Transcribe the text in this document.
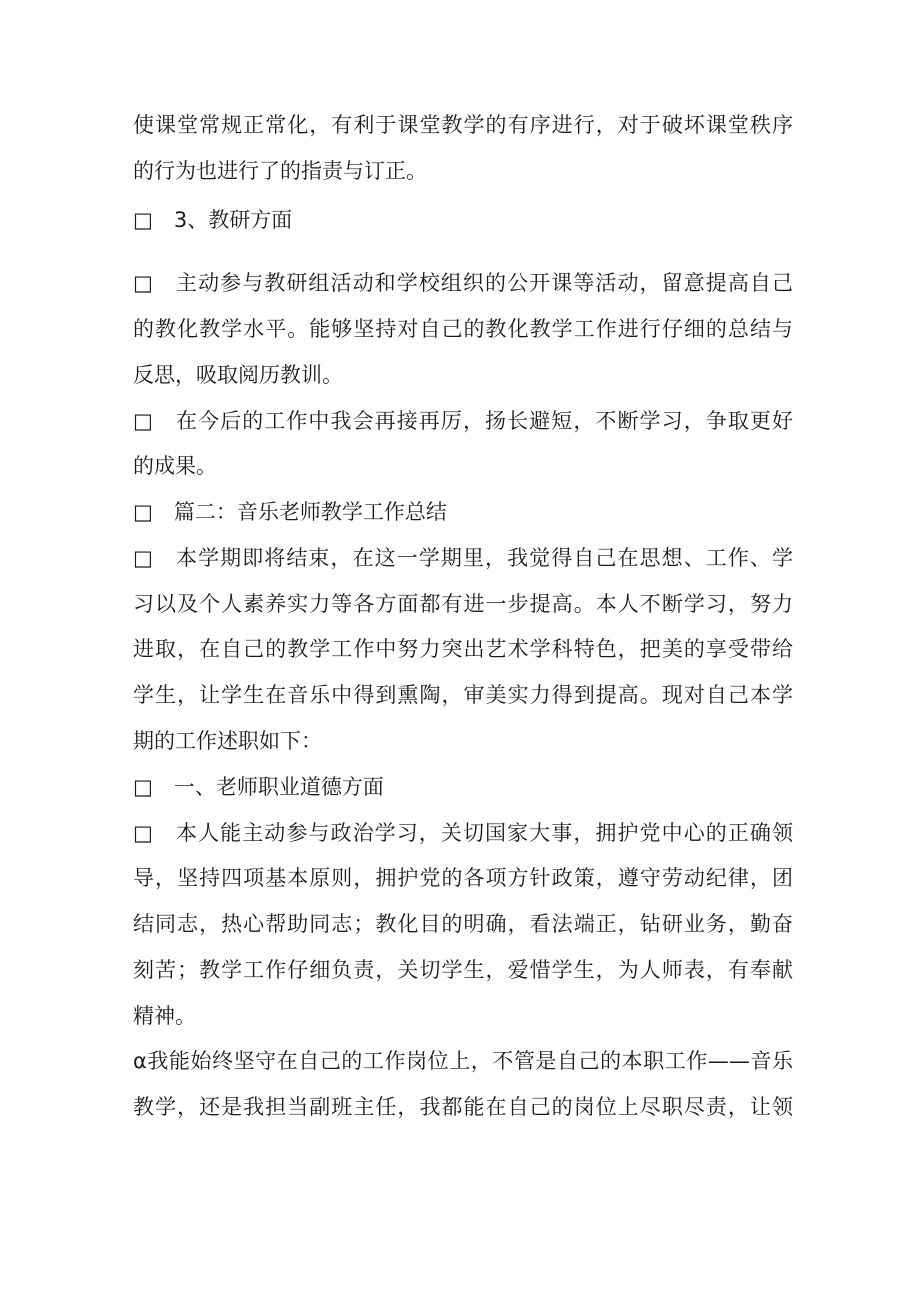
使课堂常规正常化，有利于课堂教学的有序进行，对于破坏课堂秩序
的行为也进行了的指责与订正。
□　3、教研方面
□　主动参与教研组活动和学校组织的公开课等活动，留意提高自己
的教化教学水平。能够坚持对自己的教化教学工作进行仔细的总结与
反思，吸取阅历教训。
□　在今后的工作中我会再接再厉，扬长避短，不断学习，争取更好
的成果。
□　篇二：音乐老师教学工作总结
□　本学期即将结束，在这一学期里，我觉得自己在思想、工作、学
习以及个人素养实力等各方面都有进一步提高。本人不断学习，努力
进取，在自己的教学工作中努力突出艺术学科特色，把美的享受带给
学生，让学生在音乐中得到熏陶，审美实力得到提高。现对自己本学
期的工作述职如下：
□　一、老师职业道德方面
□　本人能主动参与政治学习，关切国家大事，拥护党中心的正确领
导，坚持四项基本原则，拥护党的各项方针政策，遵守劳动纪律，团
结同志，热心帮助同志；教化目的明确，看法端正，钻研业务，勤奋
刻苦；教学工作仔细负责，关切学生，爱惜学生，为人师表，有奉献
精神。
α我能始终坚守在自己的工作岗位上，不管是自己的本职工作——音乐
教学，还是我担当副班主任，我都能在自己的岗位上尽职尽责，让领
